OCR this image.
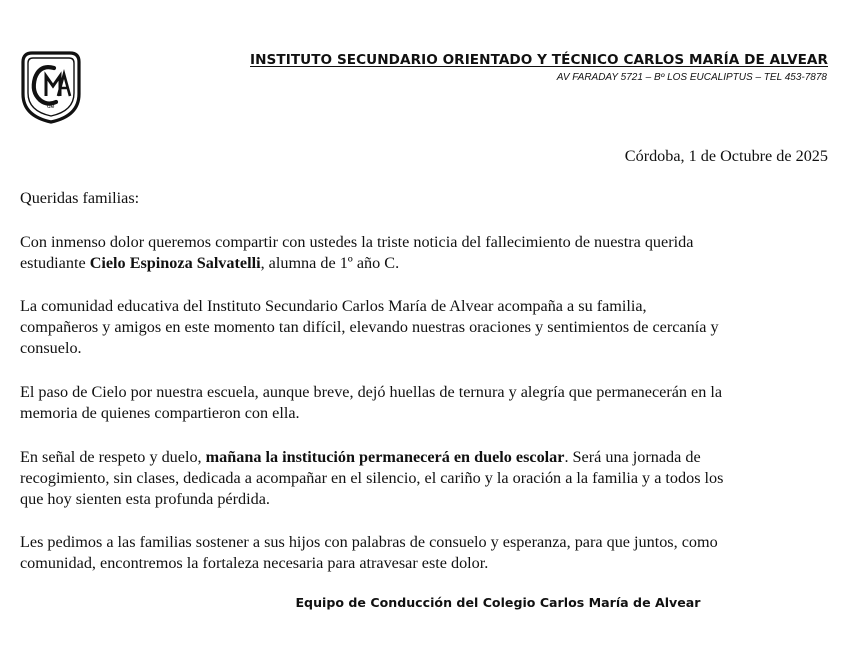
de
INSTITUTO SECUNDARIO ORIENTADO Y TÉCNICO CARLOS MARÍA DE ALVEAR
AV FARADAY 5721 – Bº LOS EUCALIPTUS – TEL 453-7878
Córdoba, 1 de Octubre de 2025
Queridas familias:
Con inmenso dolor queremos compartir con ustedes la triste noticia del fallecimiento de nuestra querida
estudiante Cielo Espinoza Salvatelli, alumna de 1º año C.
La comunidad educativa del Instituto Secundario Carlos María de Alvear acompaña a su familia,
compañeros y amigos en este momento tan difícil, elevando nuestras oraciones y sentimientos de cercanía y
consuelo.
El paso de Cielo por nuestra escuela, aunque breve, dejó huellas de ternura y alegría que permanecerán en la
memoria de quienes compartieron con ella.
En señal de respeto y duelo, mañana la institución permanecerá en duelo escolar. Será una jornada de
recogimiento, sin clases, dedicada a acompañar en el silencio, el cariño y la oración a la familia y a todos los
que hoy sienten esta profunda pérdida.
Les pedimos a las familias sostener a sus hijos con palabras de consuelo y esperanza, para que juntos, como
comunidad, encontremos la fortaleza necesaria para atravesar este dolor.
Equipo de Conducción del Colegio Carlos María de Alvear
